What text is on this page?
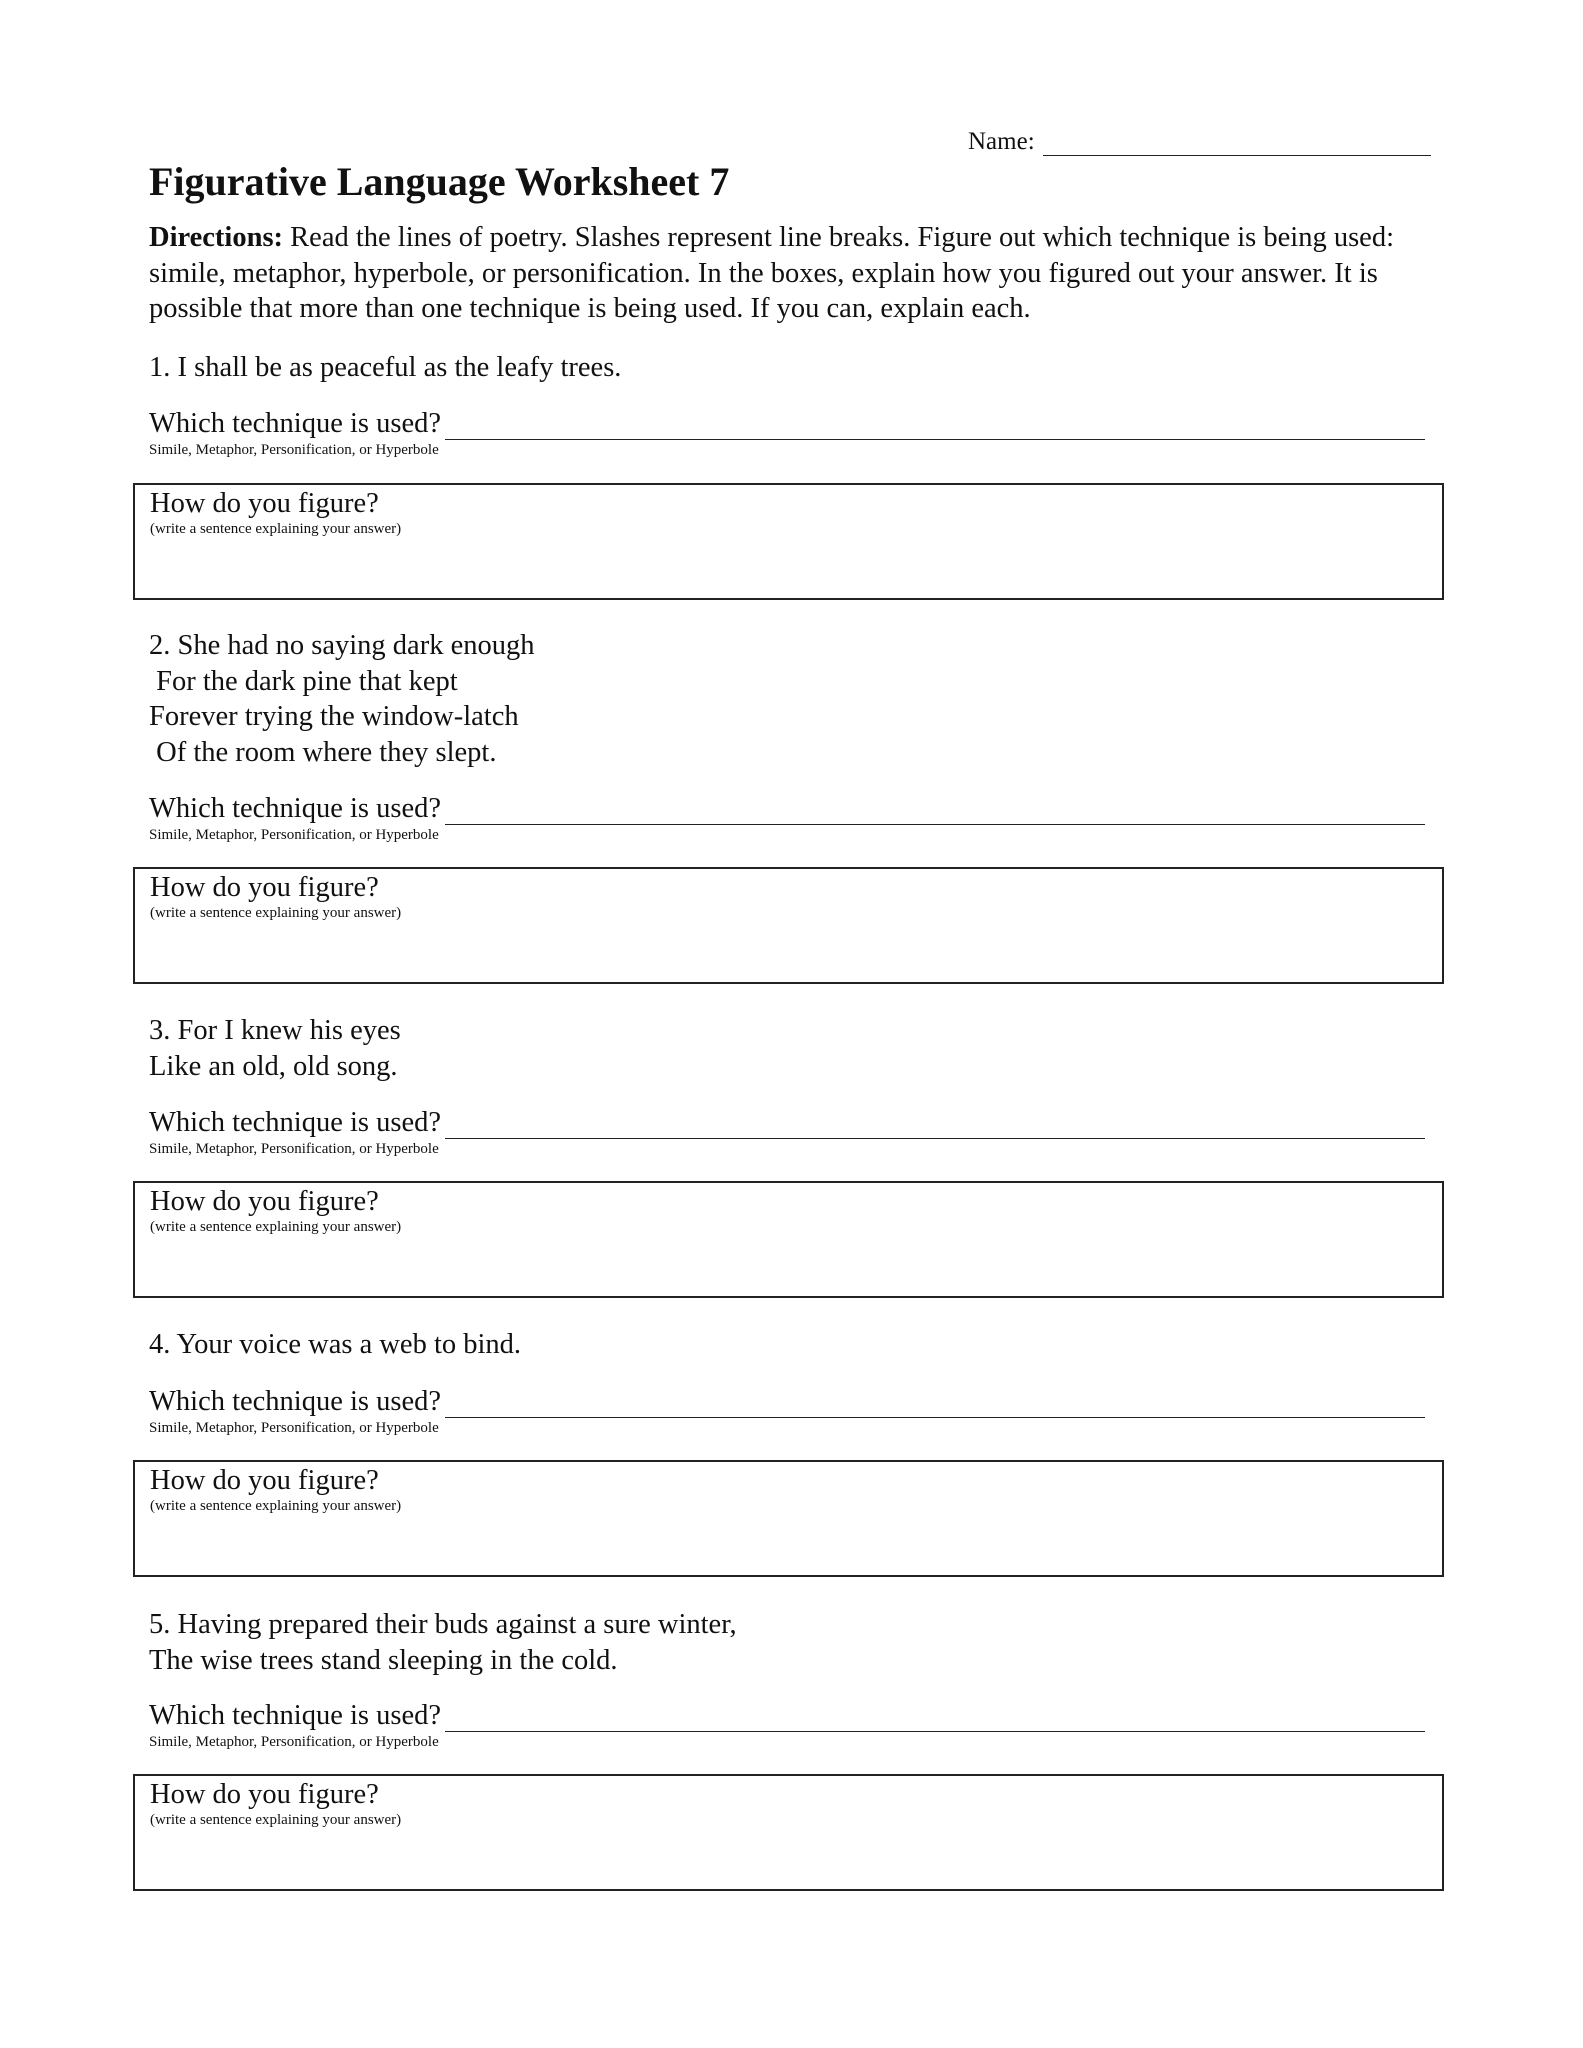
Name:
Figurative Language Worksheet 7

Directions: Read the lines of poetry. Slashes represent line breaks. Figure out which technique is being used: simile, metaphor, hyperbole, or personification. In the boxes, explain how you figured out your answer. It is possible that more than one technique is being used. If you can, explain each.

1. I shall be as peaceful as the leafy trees.
Which technique is used?
Simile, Metaphor, Personification, or Hyperbole
How do you figure?
(write a sentence explaining your answer)
2. She had no saying dark enough
For the dark pine that kept
Forever trying the window-latch
Of the room where they slept.
Which technique is used?
Simile, Metaphor, Personification, or Hyperbole
How do you figure?
(write a sentence explaining your answer)
3. For I knew his eyes
Like an old, old song.
Which technique is used?
Simile, Metaphor, Personification, or Hyperbole
How do you figure?
(write a sentence explaining your answer)
4. Your voice was a web to bind.
Which technique is used?
Simile, Metaphor, Personification, or Hyperbole
How do you figure?
(write a sentence explaining your answer)
5. Having prepared their buds against a sure winter,
The wise trees stand sleeping in the cold.
Which technique is used?
Simile, Metaphor, Personification, or Hyperbole
How do you figure?
(write a sentence explaining your answer)
